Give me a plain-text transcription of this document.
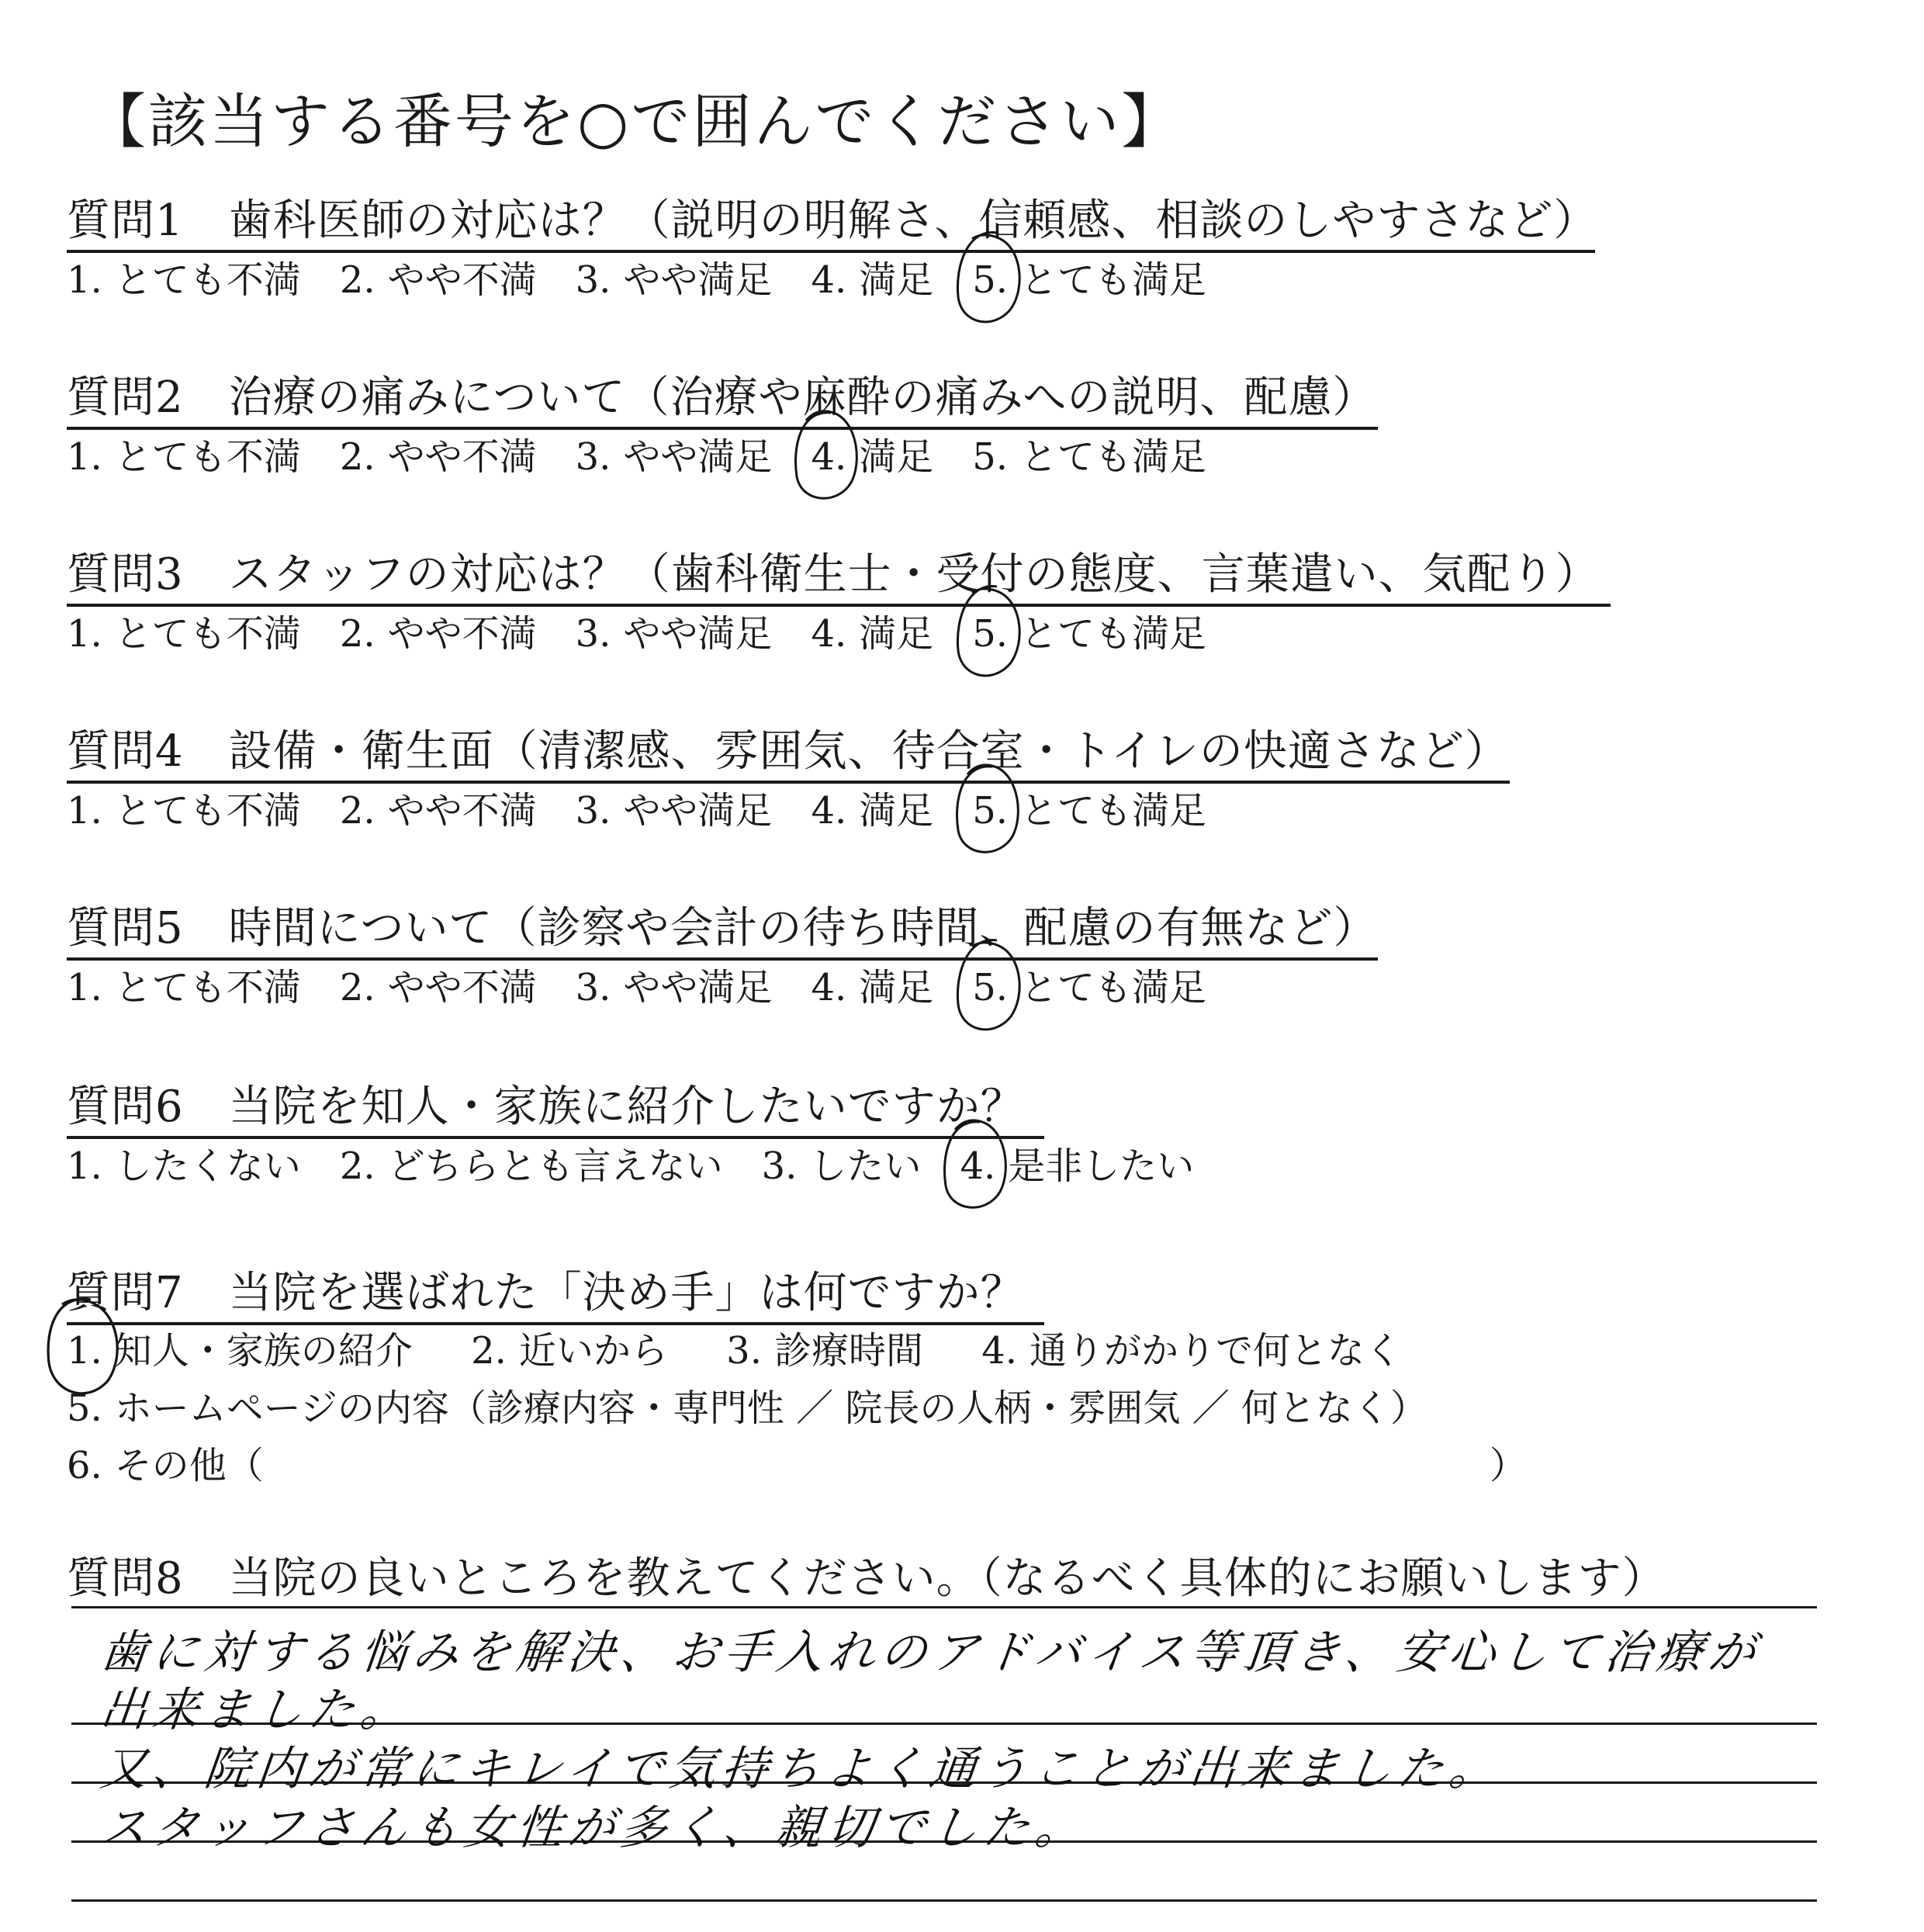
【該当する番号を○で囲んでください】
質問1 歯科医師の対応は？（説明の明解さ、信頼感、相談のしやすさなど）
1. とても不満 2. やや不満 3. やや満足 4. 満足 5. とても満足
質問2 治療の痛みについて（治療や麻酔の痛みへの説明、配慮）
1. とても不満 2. やや不満 3. やや満足 4. 満足 5. とても満足
質問3 スタッフの対応は？（歯科衛生士・受付の態度、言葉遣い、気配り）
1. とても不満 2. やや不満 3. やや満足 4. 満足 5. とても満足
質問4 設備・衛生面（清潔感、雰囲気、待合室・トイレの快適さなど）
1. とても不満 2. やや不満 3. やや満足 4. 満足 5. とても満足
質問5 時間について（診察や会計の待ち時間、配慮の有無など）
1. とても不満 2. やや不満 3. やや満足 4. 満足 5. とても満足
質問6 当院を知人・家族に紹介したいですか？
1. したくない 2. どちらとも言えない 3. したい 4. 是非したい
質問7 当院を選ばれた「決め手」は何ですか？
1. 知人・家族の紹介 2. 近いから 3. 診療時間 4. 通りがかりで何となく
5. ホームページの内容（診療内容・専門性 ／ 院長の人柄・雰囲気 ／ 何となく）
6. その他（	）
質問8 当院の良いところを教えてください。（なるべく具体的にお願いします）
歯に対する悩みを解決、お手入れのアドバイス等頂き、安心して治療が
出来ました。
又、院内が常にキレイで気持ちよく通うことが出来ました。
スタッフさんも女性が多く、親切でした。
